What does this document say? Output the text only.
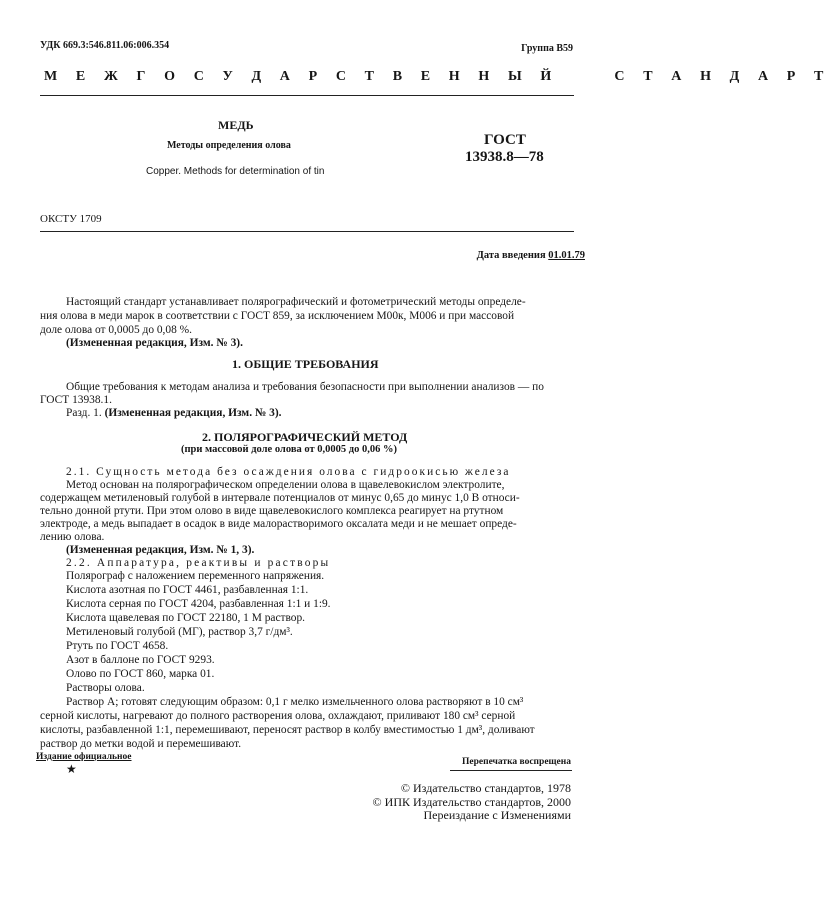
УДК 669.3:546.811.06:006.354	Группа В59
М Е Ж Г О С У Д А Р С Т В Е Н Н Ы Й     С Т А Н Д А Р Т
МЕДЬ
Методы определения олова
Copper. Methods for determination of tin
ГОСТ
13938.8—78
ОКСТУ 1709
Дата введения 01.01.79
Настоящий стандарт устанавливает полярографический и фотометрический методы определе-
ния олова в меди марок в соответствии с ГОСТ 859, за исключением М00к, М006 и при массовой
доле олова от 0,0005 до 0,08 %.
(Измененная редакция, Изм. № 3).
1. ОБЩИЕ ТРЕБОВАНИЯ
Общие требования к методам анализа и требования безопасности при выполнении анализов — по
ГОСТ 13938.1.
Разд. 1. (Измененная редакция, Изм. № 3).
2. ПОЛЯРОГРАФИЧЕСКИЙ МЕТОД
(при массовой доле олова от 0,0005 до 0,06 %)
2.1. Сущность метода без осаждения олова с гидроокисью железа
Метод основан на полярографическом определении олова в щавелевокислом электролите,
содержащем метиленовый голубой в интервале потенциалов от минус 0,65 до минус 1,0 В относи-
тельно донной ртути. При этом олово в виде щавелевокислого комплекса реагирует на ртутном
электроде, а медь выпадает в осадок в виде малорастворимого оксалата меди и не мешает опреде-
лению олова.
(Измененная редакция, Изм. № 1, 3).
2.2. Аппаратура, реактивы и растворы
Полярограф с наложением переменного напряжения.
Кислота азотная по ГОСТ 4461, разбавленная 1:1.
Кислота серная по ГОСТ 4204, разбавленная 1:1 и 1:9.
Кислота щавелевая по ГОСТ 22180, 1 М раствор.
Метиленовый голубой (МГ), раствор 3,7 г/дм³.
Ртуть по ГОСТ 4658.
Азот в баллоне по ГОСТ 9293.
Олово по ГОСТ 860, марка 01.
Растворы олова.
Раствор А; готовят следующим образом: 0,1 г мелко измельченного олова растворяют в 10 см³
серной кислоты, нагревают до полного растворения олова, охлаждают, приливают 180 см³ серной
кислоты, разбавленной 1:1, перемешивают, переносят раствор в колбу вместимостью 1 дм³, доливают
раствор до метки водой и перемешивают.
Издание официальное
★	Перепечатка воспрещена
© Издательство стандартов, 1978
© ИПК Издательство стандартов, 2000
Переиздание с Изменениями
